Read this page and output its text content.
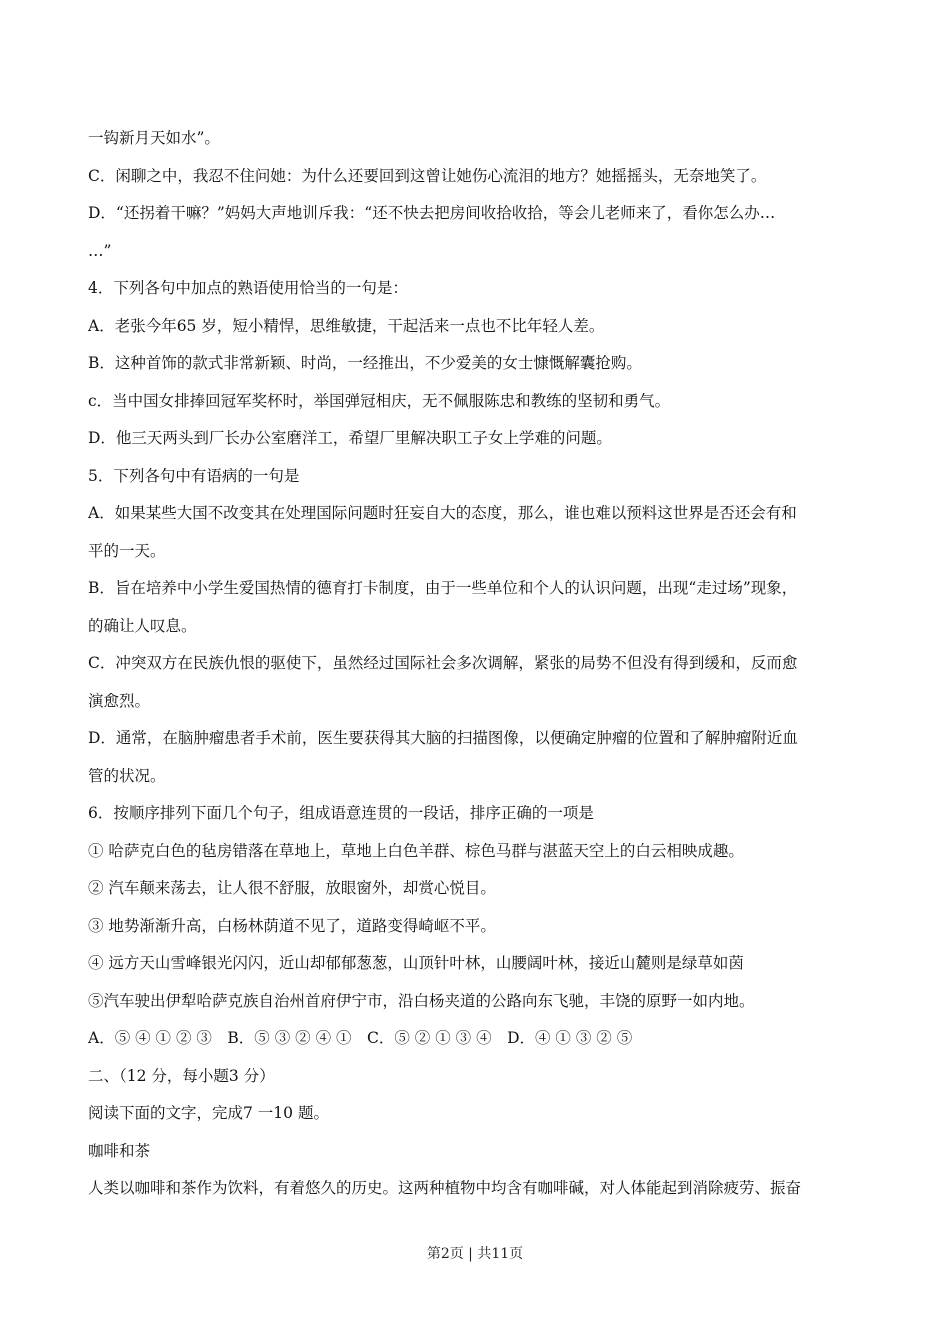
一钩新月天如水”。
C．闲聊之中，我忍不住问她：为什么还要回到这曾让她伤心流泪的地方？她摇摇头，无奈地笑了。
D．“还拐着干嘛？”妈妈大声地训斥我：“还不快去把房间收拾收拾，等会儿老师来了，看你怎么办…
…”
4．下列各句中加点的熟语使用恰当的一句是：
A．老张今年65 岁，短小精悍，思维敏捷，干起活来一点也不比年轻人差。
B．这种首饰的款式非常新颖、时尚，一经推出，不少爱美的女士慷慨解囊抢购。
c．当中国女排捧回冠军奖杯时，举国弹冠相庆，无不佩服陈忠和教练的坚韧和勇气。
D．他三天两头到厂长办公室磨洋工，希望厂里解决职工子女上学难的问题。
5．下列各句中有语病的一句是
A．如果某些大国不改变其在处理国际问题时狂妄自大的态度，那么，谁也难以预料这世界是否还会有和
平的一天。
B．旨在培养中小学生爱国热情的德育打卡制度，由于一些单位和个人的认识问题，出现“走过场”现象，
的确让人叹息。
C．冲突双方在民族仇恨的驱使下，虽然经过国际社会多次调解，紧张的局势不但没有得到缓和，反而愈
演愈烈。
D．通常，在脑肿瘤患者手术前，医生要获得其大脑的扫描图像，以便确定肿瘤的位置和了解肿瘤附近血
管的状况。
6．按顺序排列下面几个句子，组成语意连贯的一段话，排序正确的一项是
① 哈萨克白色的毡房错落在草地上，草地上白色羊群、棕色马群与湛蓝天空上的白云相映成趣。
② 汽车颠来荡去，让人很不舒服，放眼窗外，却赏心悦目。
③ 地势渐渐升高，白杨林荫道不见了，道路变得崎岖不平。
④ 远方天山雪峰银光闪闪，近山却郁郁葱葱，山顶针叶林，山腰阔叶林，接近山麓则是绿草如茵
⑤汽车驶出伊犁哈萨克族自治州首府伊宁市，沿白杨夹道的公路向东飞驰，丰饶的原野一如内地。
A．⑤ ④ ① ② ③　B．⑤ ③ ② ④ ①　C．⑤ ② ① ③ ④　D．④ ① ③ ② ⑤
二、（12 分，每小题3 分）
阅读下面的文字，完成7 一10 题。
咖啡和茶
人类以咖啡和茶作为饮料，有着悠久的历史。这两种植物中均含有咖啡碱，对人体能起到消除疲劳、振奋
第2页 | 共11页
